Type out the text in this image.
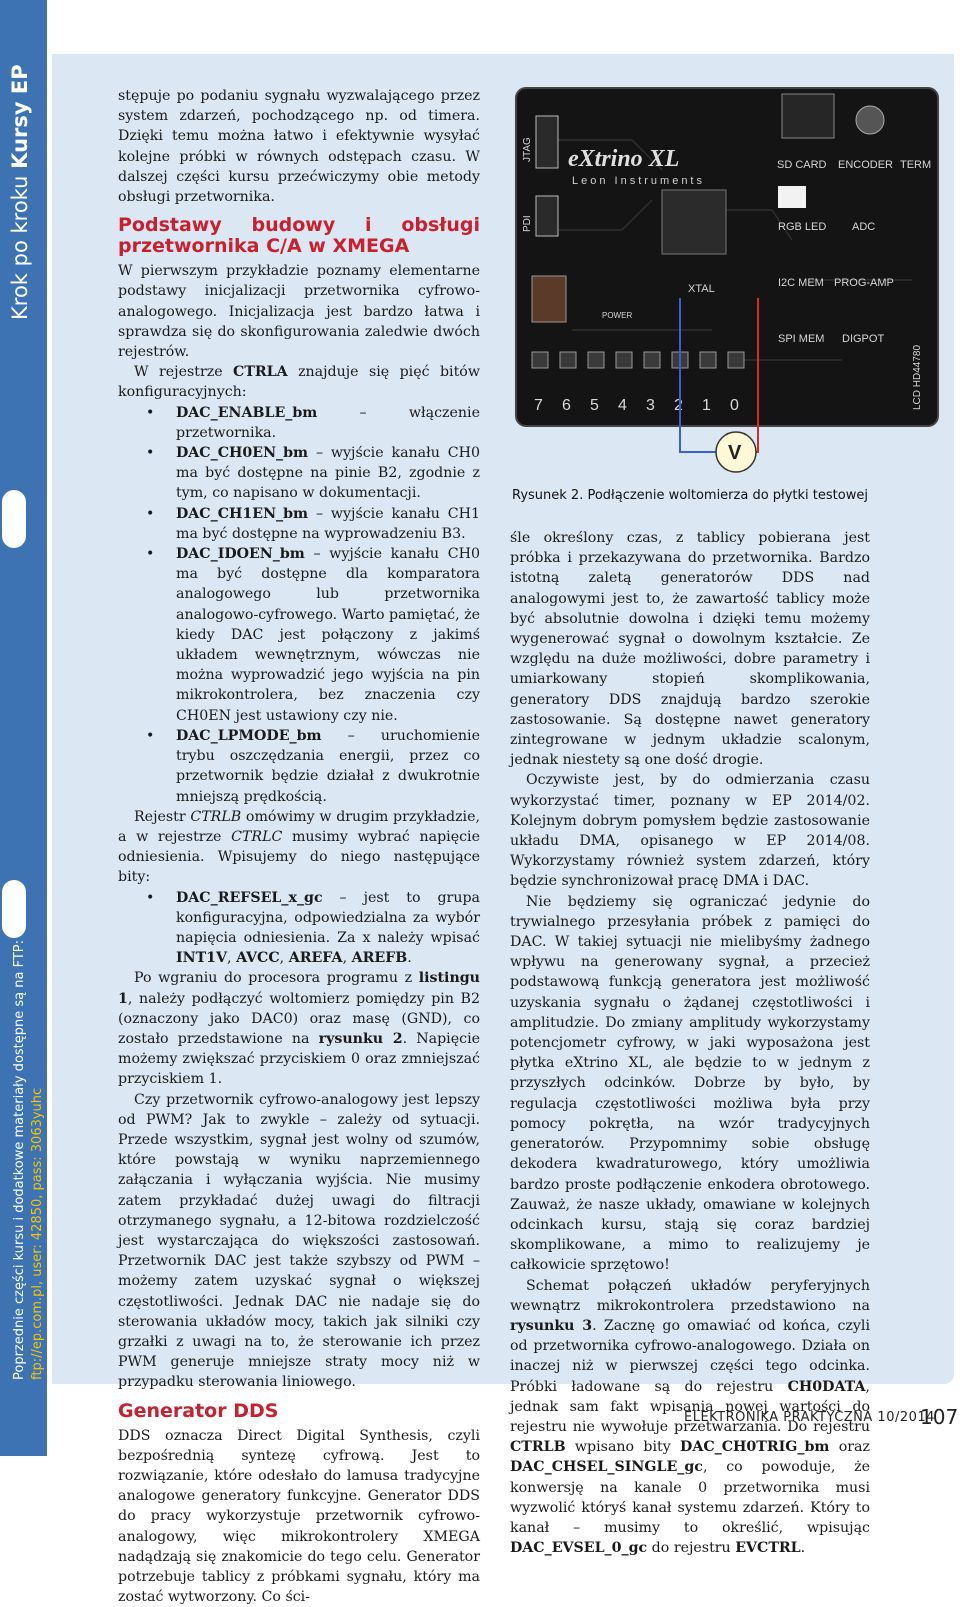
Krok po kroku Kursy EP
Poprzednie części kursu i dodatkowe materiały dostępne są na FTP: ftp://ep.com.pl, user: 42850, pass: 3063yuhc

stępuje po podaniu sygnału wyzwalającego przez system zdarzeń, pochodzącego np. od timera. Dzięki temu można łatwo i efektywnie wysyłać kolejne próbki w równych odstępach czasu. W dalszej części kursu przećwiczymy obie metody obsługi przetwornika.

Podstawy budowy i obsługi przetwornika C/A w XMEGA

W pierwszym przykładzie poznamy elementarne podstawy inicjalizacji przetwornika cyfrowo-analogowego. Inicjalizacja jest bardzo łatwa i sprawdza się do skonfigurowania zaledwie dwóch rejestrów.

W rejestrze CTRLA znajduje się pięć bitów konfiguracyjnych:

• DAC_ENABLE_bm – włączenie przetwornika.
• DAC_CH0EN_bm – wyjście kanału CH0 ma być dostępne na pinie B2, zgodnie z tym, co napisano w dokumentacji.
• DAC_CH1EN_bm – wyjście kanału CH1 ma być dostępne na wyprowadzeniu B3.
• DAC_IDOEN_bm – wyjście kanału CH0 ma być dostępne dla komparatora analogowego lub przetwornika analogowo-cyfrowego. Warto pamiętać, że kiedy DAC jest połączony z jakimś układem wewnętrznym, wówczas nie można wyprowadzić jego wyjścia na pin mikrokontrolera, bez znaczenia czy CH0EN jest ustawiony czy nie.
• DAC_LPMODE_bm – uruchomienie trybu oszczędzania energii, przez co przetwornik będzie działał z dwukrotnie mniejszą prędkością.

Rejestr CTRLB omówimy w drugim przykładzie, a w rejestrze CTRLC musimy wybrać napięcie odniesienia. Wpisujemy do niego następujące bity:

• DAC_REFSEL_x_gc – jest to grupa konfiguracyjna, odpowiedzialna za wybór napięcia odniesienia. Za x należy wpisać INT1V, AVCC, AREFA, AREFB.

Po wgraniu do procesora programu z listingu 1, należy podłączyć woltomierz pomiędzy pin B2 (oznaczony jako DAC0) oraz masę (GND), co zostało przedstawione na rysunku 2. Napięcie możemy zwiększać przyciskiem 0 oraz zmniejszać przyciskiem 1.

Czy przetwornik cyfrowo-analogowy jest lepszy od PWM? Jak to zwykle – zależy od sytuacji. Przede wszystkim, sygnał jest wolny od szumów, które powstają w wyniku naprzemiennego załączania i wyłączania wyjścia. Nie musimy zatem przykładać dużej uwagi do filtracji otrzymanego sygnału, a 12-bitowa rozdzielczość jest wystarczająca do większości zastosowań. Przetwornik DAC jest także szybszy od PWM – możemy zatem uzyskać sygnał o większej częstotliwości. Jednak DAC nie nadaje się do sterowania układów mocy, takich jak silniki czy grzałki z uwagi na to, że sterowanie ich przez PWM generuje mniejsze straty mocy niż w przypadku sterowania liniowego.

Generator DDS

DDS oznacza Direct Digital Synthesis, czyli bezpośrednią syntezę cyfrową. Jest to rozwiązanie, które odesłało do lamusa tradycyjne analogowe generatory funkcyjne. Generator DDS do pracy wykorzystuje przetwornik cyfrowo-analogowy, więc mikrokontrolery XMEGA nadądzają się znakomicie do tego celu. Generator potrzebuje tablicy z próbkami sygnału, który ma zostać wytworzony. Co ści-

JTAG
PDI
eXtrino XL
Leon Instruments
SD CARD ENCODER TERM
RGB LED ADC
I2C MEM PROG-AMP
SPI MEM DIGPOT
XTAL
POWER
LCD HD44780
7 6 5 4 3 2 1 0
V
Rysunek 2. Podłączenie woltomierza do płytki testowej

śle określony czas, z tablicy pobierana jest próbka i przekazywana do przetwornika. Bardzo istotną zaletą generatorów DDS nad analogowymi jest to, że zawartość tablicy może być absolutnie dowolna i dzięki temu możemy wygenerować sygnał o dowolnym kształcie. Ze względu na duże możliwości, dobre parametry i umiarkowany stopień skomplikowania, generatory DDS znajdują bardzo szerokie zastosowanie. Są dostępne nawet generatory zintegrowane w jednym układzie scalonym, jednak niestety są one dość drogie.

Oczywiste jest, by do odmierzania czasu wykorzystać timer, poznany w EP 2014/02. Kolejnym dobrym pomysłem będzie zastosowanie układu DMA, opisanego w EP 2014/08. Wykorzystamy również system zdarzeń, który będzie synchronizował pracę DMA i DAC.

Nie będziemy się ograniczać jedynie do trywialnego przesyłania próbek z pamięci do DAC. W takiej sytuacji nie mielibyśmy żadnego wpływu na generowany sygnał, a przecież podstawową funkcją generatora jest możliwość uzyskania sygnału o żądanej częstotliwości i amplitudzie. Do zmiany amplitudy wykorzystamy potencjometr cyfrowy, w jaki wyposażona jest płytka eXtrino XL, ale będzie to w jednym z przyszłych odcinków. Dobrze by było, by regulacja częstotliwości możliwa była przy pomocy pokrętła, na wzór tradycyjnych generatorów. Przypomnimy sobie obsługę dekodera kwadraturowego, który umożliwia bardzo proste podłączenie enkodera obrotowego. Zauważ, że nasze układy, omawiane w kolejnych odcinkach kursu, stają się coraz bardziej skomplikowane, a mimo to realizujemy je całkowicie sprzętowo!

Schemat połączeń układów peryferyjnych wewnątrz mikrokontrolera przedstawiono na rysunku 3. Zacznę go omawiać od końca, czyli od przetwornika cyfrowo-analogowego. Działa on inaczej niż w pierwszej części tego odcinka. Próbki ładowane są do rejestru CH0DATA, jednak sam fakt wpisania nowej wartości do rejestru nie wywołuje przetwarzania. Do rejestru CTRLB wpisano bity DAC_CH0TRIG_bm oraz DAC_CHSEL_SINGLE_gc, co powoduje, że konwersję na kanale 0 przetwornika musi wyzwolić któryś kanał systemu zdarzeń. Który to kanał – musimy to określić, wpisując DAC_EVSEL_0_gc do rejestru EVCTRL.

ELEKTRONIKA PRAKTYCZNA 10/2014
107
